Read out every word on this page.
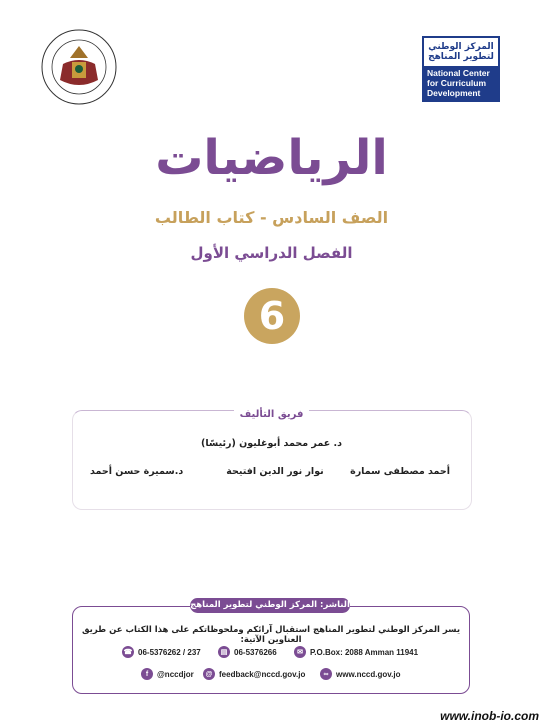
المركز الوطني
لتطوير المناهج
National Center
for Curriculum
Development
الرياضيات
الصف السادس - كتاب الطالب
الفصل الدراسي الأول
6
فريق التأليف
د. عمر محمد أبوغليون (رئيسًا)
أحمد مصطفى سمارة
نوار نور الدين افتيحة
د.سميرة حسن أحمد
الناشر: المركز الوطني لتطوير المناهج
يسر المركز الوطني لتطوير المناهج استقبال آرائكم وملحوظاتكم على هذا الكتاب عن طريق العناوين الآتية:
☎ 06-5376262 / 237	▤ 06-5376266	✉ P.O.Box: 2088 Amman 11941
f	@nccdjor	@ feedback@nccd.gov.jo	∞ www.nccd.gov.jo
www.inob-io.com
